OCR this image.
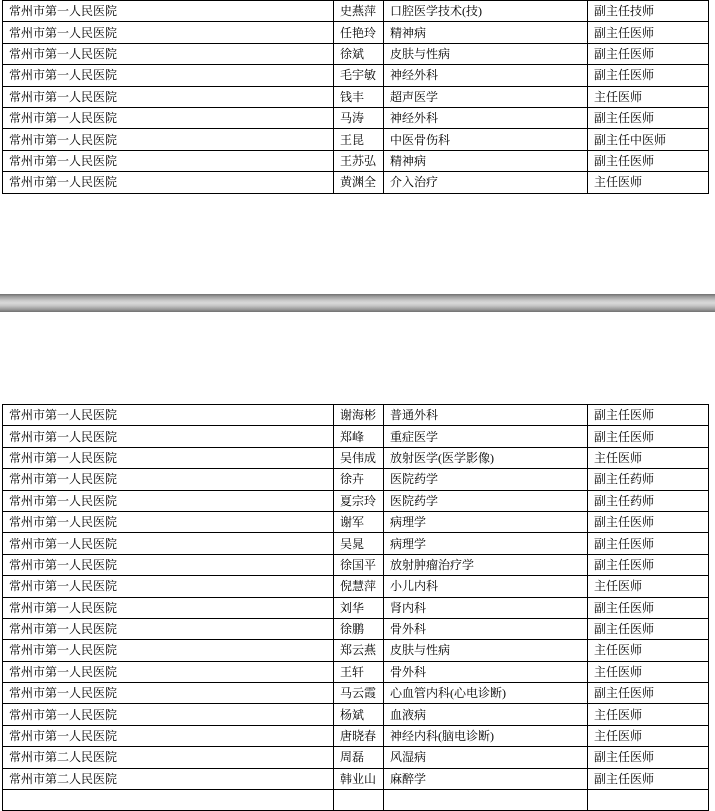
常州市第一人民医院	史燕萍	口腔医学技术(技)	副主任技师
常州市第一人民医院	任艳玲	精神病	副主任医师
常州市第一人民医院	徐斌	皮肤与性病	副主任医师
常州市第一人民医院	毛宇敏	神经外科	副主任医师
常州市第一人民医院	钱丰	超声医学	主任医师
常州市第一人民医院	马涛	神经外科	副主任医师
常州市第一人民医院	王昆	中医骨伤科	副主任中医师
常州市第一人民医院	王苏弘	精神病	副主任医师
常州市第一人民医院	黄渊全	介入治疗	主任医师
常州市第一人民医院	谢海彬	普通外科	副主任医师
常州市第一人民医院	郑峰	重症医学	副主任医师
常州市第一人民医院	吴伟成	放射医学(医学影像)	主任医师
常州市第一人民医院	徐卉	医院药学	副主任药师
常州市第一人民医院	夏宗玲	医院药学	副主任药师
常州市第一人民医院	谢军	病理学	副主任医师
常州市第一人民医院	吴晁	病理学	副主任医师
常州市第一人民医院	徐国平	放射肿瘤治疗学	副主任医师
常州市第一人民医院	倪慧萍	小儿内科	主任医师
常州市第一人民医院	刘华	肾内科	副主任医师
常州市第一人民医院	徐鹏	骨外科	副主任医师
常州市第一人民医院	郑云燕	皮肤与性病	主任医师
常州市第一人民医院	王轩	骨外科	主任医师
常州市第一人民医院	马云霞	心血管内科(心电诊断)	副主任医师
常州市第一人民医院	杨斌	血液病	主任医师
常州市第一人民医院	唐晓春	神经内科(脑电诊断)	主任医师
常州市第二人民医院	周磊	风湿病	副主任医师
常州市第二人民医院	韩业山	麻醉学	副主任医师
